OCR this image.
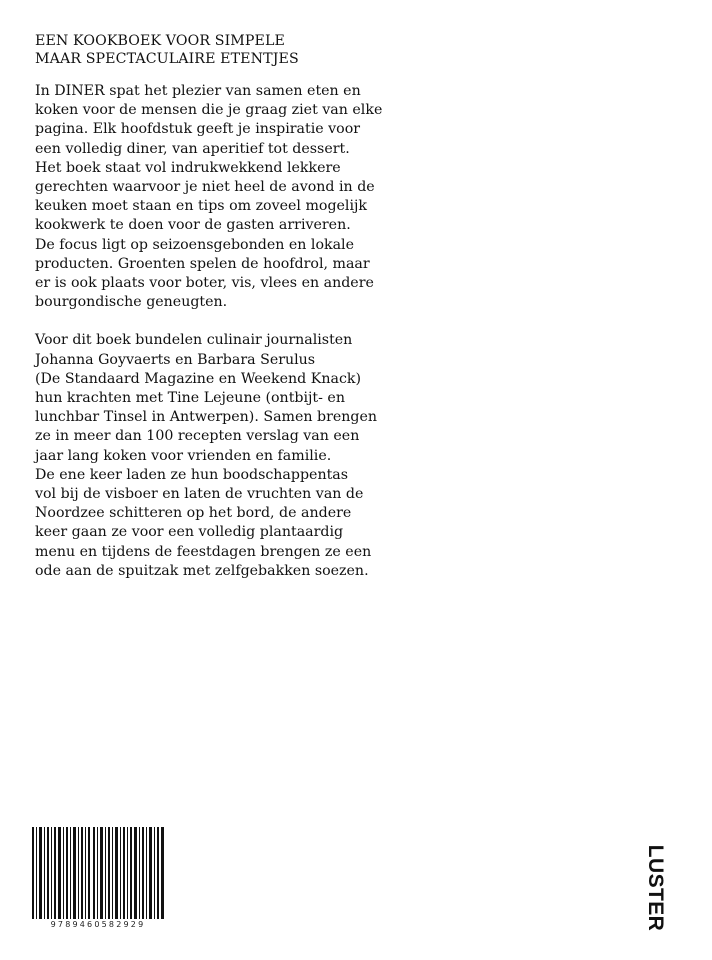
EEN KOOKBOEK VOOR SIMPELE
MAAR SPECTACULAIRE ETENTJES

In DINER spat het plezier van samen eten en
koken voor de mensen die je graag ziet van elke
pagina. Elk hoofdstuk geeft je inspiratie voor
een volledig diner, van aperitief tot dessert.
Het boek staat vol indrukwekkend lekkere
gerechten waarvoor je niet heel de avond in de
keuken moet staan en tips om zoveel mogelijk
kookwerk te doen voor de gasten arriveren.
De focus ligt op seizoensgebonden en lokale
producten. Groenten spelen de hoofdrol, maar
er is ook plaats voor boter, vis, vlees en andere
bourgondische geneugten.

Voor dit boek bundelen culinair journalisten
Johanna Goyvaerts en Barbara Serulus
(De Standaard Magazine en Weekend Knack)
hun krachten met Tine Lejeune (ontbijt- en
lunchbar Tinsel in Antwerpen). Samen brengen
ze in meer dan 100 recepten verslag van een
jaar lang koken voor vrienden en familie.
De ene keer laden ze hun boodschappentas
vol bij de visboer en laten de vruchten van de
Noordzee schitteren op het bord, de andere
keer gaan ze voor een volledig plantaardig
menu en tijdens de feestdagen brengen ze een
ode aan de spuitzak met zelfgebakken soezen.

9789460582929	LUSTER
